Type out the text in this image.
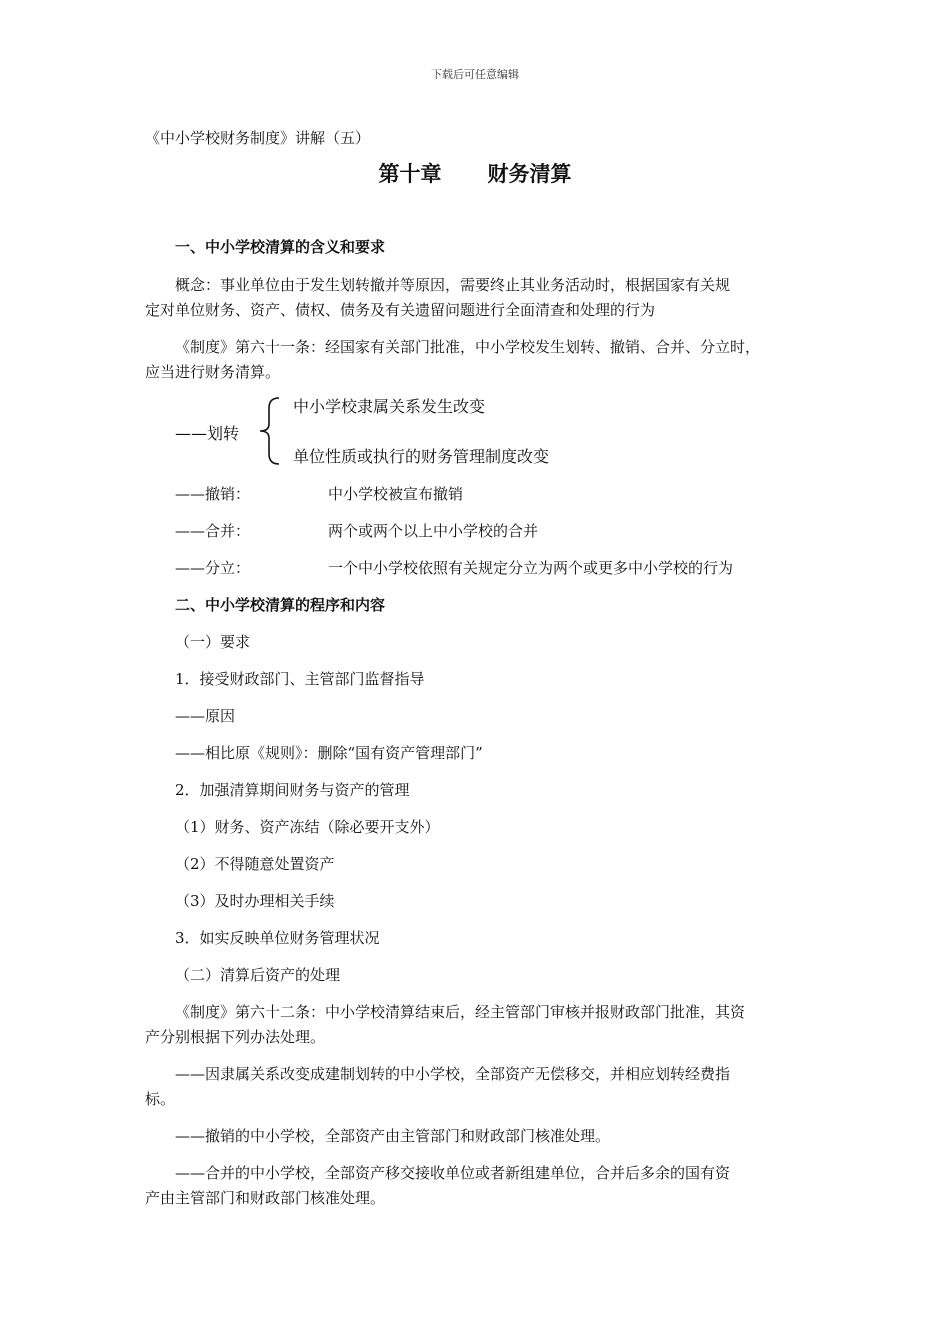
下载后可任意编辑
《中小学校财务制度》讲解（五）
第十章 财务清算
一、中小学校清算的含义和要求
概念：事业单位由于发生划转撤并等原因，需要终止其业务活动时，根据国家有关规
定对单位财务、资产、债权、债务及有关遗留问题进行全面清查和处理的行为
《制度》第六十一条：经国家有关部门批准，中小学校发生划转、撤销、合并、分立时，
应当进行财务清算。
——划转
中小学校隶属关系发生改变
单位性质或执行的财务管理制度改变
——撤销：	中小学校被宣布撤销
——合并：	两个或两个以上中小学校的合并
——分立：	一个中小学校依照有关规定分立为两个或更多中小学校的行为
二、中小学校清算的程序和内容
（一）要求
1．接受财政部门、主管部门监督指导
——原因
——相比原《规则》：删除“国有资产管理部门”
2．加强清算期间财务与资产的管理
（1）财务、资产冻结（除必要开支外）
（2）不得随意处置资产
（3）及时办理相关手续
3．如实反映单位财务管理状况
（二）清算后资产的处理
《制度》第六十二条：中小学校清算结束后，经主管部门审核并报财政部门批准，其资
产分别根据下列办法处理。
——因隶属关系改变成建制划转的中小学校，全部资产无偿移交，并相应划转经费指
标。
——撤销的中小学校，全部资产由主管部门和财政部门核准处理。
——合并的中小学校，全部资产移交接收单位或者新组建单位，合并后多余的国有资
产由主管部门和财政部门核准处理。
